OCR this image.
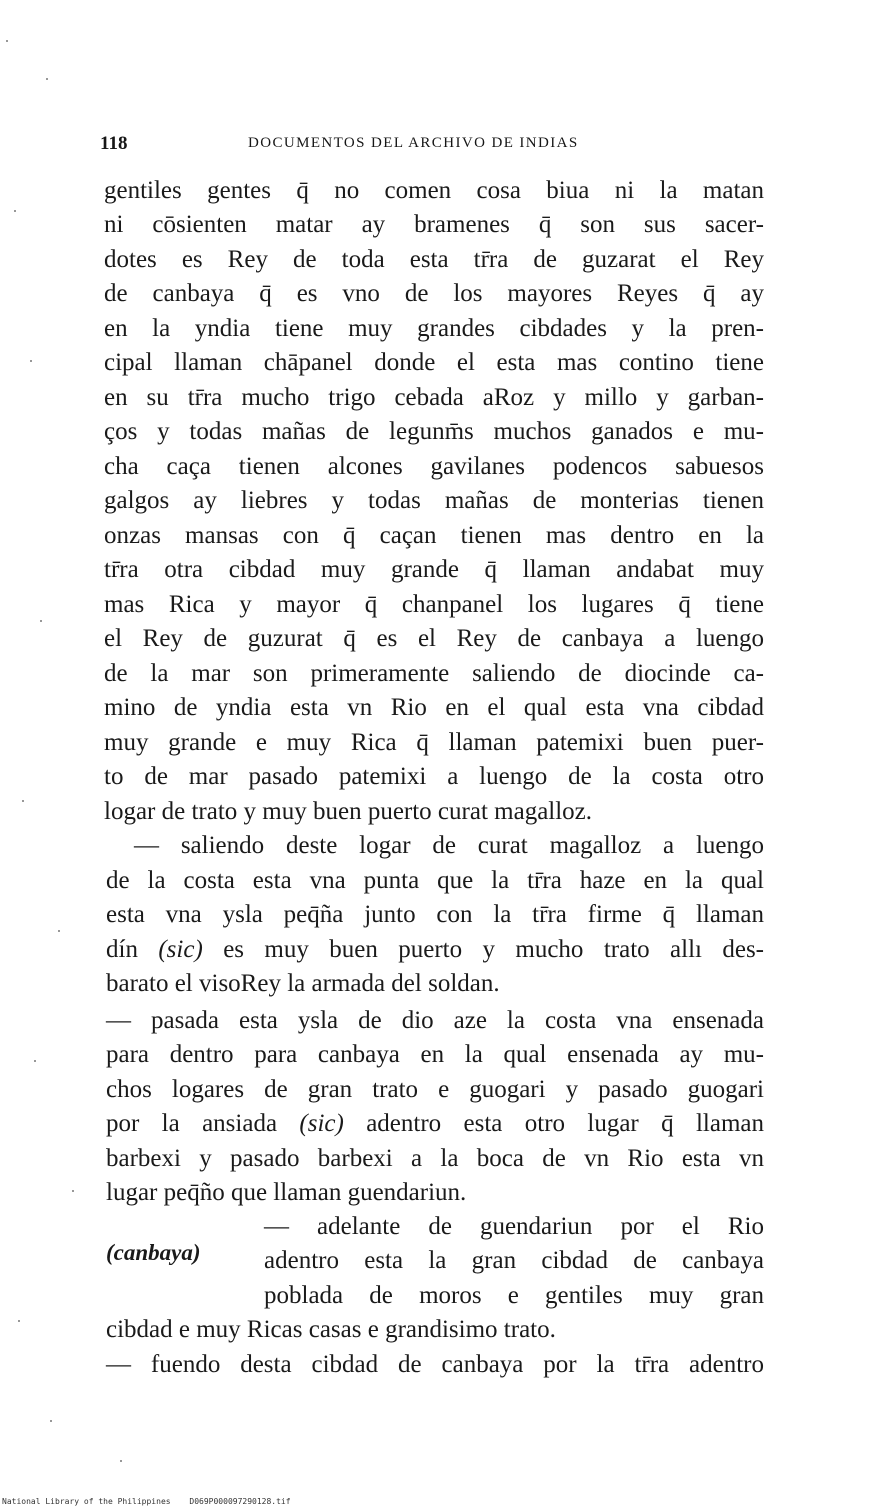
118	DOCUMENTOS DEL ARCHIVO DE INDIAS
gentiles gentes q̄ no comen cosa biua ni la matan
ni cōsienten matar ay bramenes q̄ son sus sacer-
dotes es Rey de toda esta tr̄ra de guzarat el Rey
de canbaya q̄ es vno de los mayores Reyes q̄ ay
en la yndia tiene muy grandes cibdades y la pren-
cipal llaman chāpanel donde el esta mas contino tiene
en su tr̄ra mucho trigo cebada aRoz y millo y garban-
ços y todas mañas de legunm̄s muchos ganados e mu-
cha caça tienen alcones gavilanes podencos sabuesos
galgos ay liebres y todas mañas de monterias tienen
onzas mansas con q̄ caçan tienen mas dentro en la
tr̄ra otra cibdad muy grande q̄ llaman andabat muy
mas Rica y mayor q̄ chanpanel los lugares q̄ tiene
el Rey de guzurat q̄ es el Rey de canbaya a luengo
de la mar son primeramente saliendo de diocinde ca-
mino de yndia esta vn Rio en el qual esta vna cibdad
muy grande e muy Rica q̄ llaman patemixi buen puer-
to de mar pasado patemixi a luengo de la costa otro
logar de trato y muy buen puerto curat magalloz.
— saliendo deste logar de curat magalloz a luengo
de la costa esta vna punta que la tr̄ra haze en la qual
esta vna ysla peq̄ña junto con la tr̄ra firme q̄ llaman
dín (sic) es muy buen puerto y mucho trato allı des-
barato el visoRey la armada del soldan.
— pasada esta ysla de dio aze la costa vna ensenada
para dentro para canbaya en la qual ensenada ay mu-
chos logares de gran trato e guogari y pasado guogari
por la ansiada (sic) adentro esta otro lugar q̄ llaman
barbexi y pasado barbexi a la boca de vn Rio esta vn
lugar peq̄ño que llaman guendariun.
— adelante de guendariun por el Rio
adentro esta la gran cibdad de canbaya
poblada de moros e gentiles muy gran
cibdad e muy Ricas casas e grandisimo trato.
— fuendo desta cibdad de canbaya por la tr̄ra adentro
(canbaya)
National Library of the Philippines D069P000097290128.tif
